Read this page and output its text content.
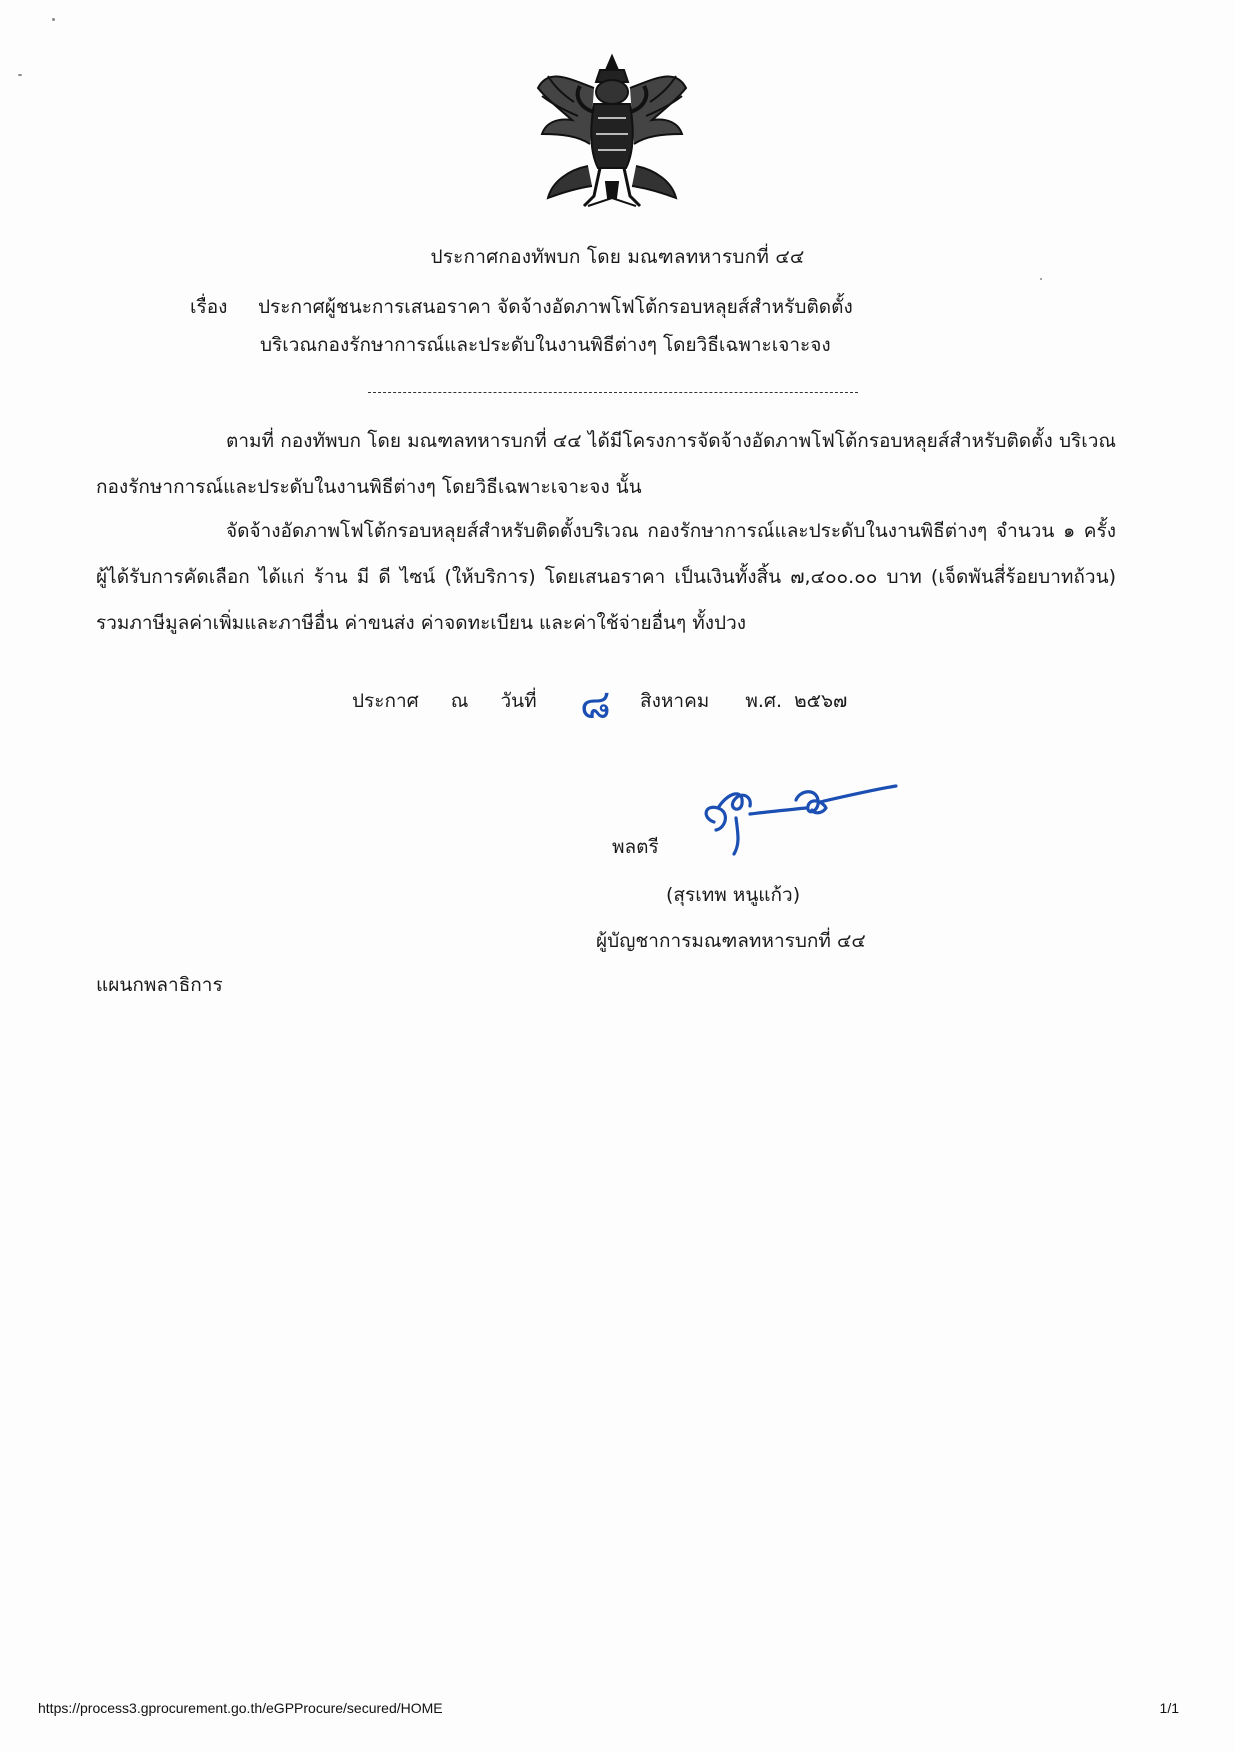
ประกาศกองทัพบก โดย มณฑลทหารบกที่ ๔๔
เรื่อง	ประกาศผู้ชนะการเสนอราคา จัดจ้างอัดภาพโฟโต้กรอบหลุยส์สำหรับติดตั้ง
บริเวณกองรักษาการณ์และประดับในงานพิธีต่างๆ โดยวิธีเฉพาะเจาะจง
ตามที่ กองทัพบก โดย มณฑลทหารบกที่ ๔๔ ได้มีโครงการจัดจ้างอัดภาพโฟโต้กรอบหลุยส์สำหรับติดตั้ง บริเวณ กองรักษาการณ์และประดับในงานพิธีต่างๆ โดยวิธีเฉพาะเจาะจง นั้น
จัดจ้างอัดภาพโฟโต้กรอบหลุยส์สำหรับติดตั้งบริเวณ กองรักษาการณ์และประดับในงานพิธีต่างๆ จำนวน ๑ ครั้ง ผู้ได้รับการคัดเลือก ได้แก่ ร้าน มี ดี ไซน์ (ให้บริการ) โดยเสนอราคา เป็นเงินทั้งสิ้น ๗,๔๐๐.๐๐ บาท (เจ็ดพันสี่ร้อยบาทถ้วน) รวมภาษีมูลค่าเพิ่มและภาษีอื่น ค่าขนส่ง ค่าจดทะเบียน และค่าใช้จ่ายอื่นๆ ทั้งปวง
ประกาศ ณ วันที่	๘ สิงหาคม พ.ศ. ๒๕๖๗
พลตรี
(สุรเทพ หนูแก้ว)
ผู้บัญชาการมณฑลทหารบกที่ ๔๔
แผนกพลาธิการ
https://process3.gprocurement.go.th/eGPProcure/secured/HOME	1/1
